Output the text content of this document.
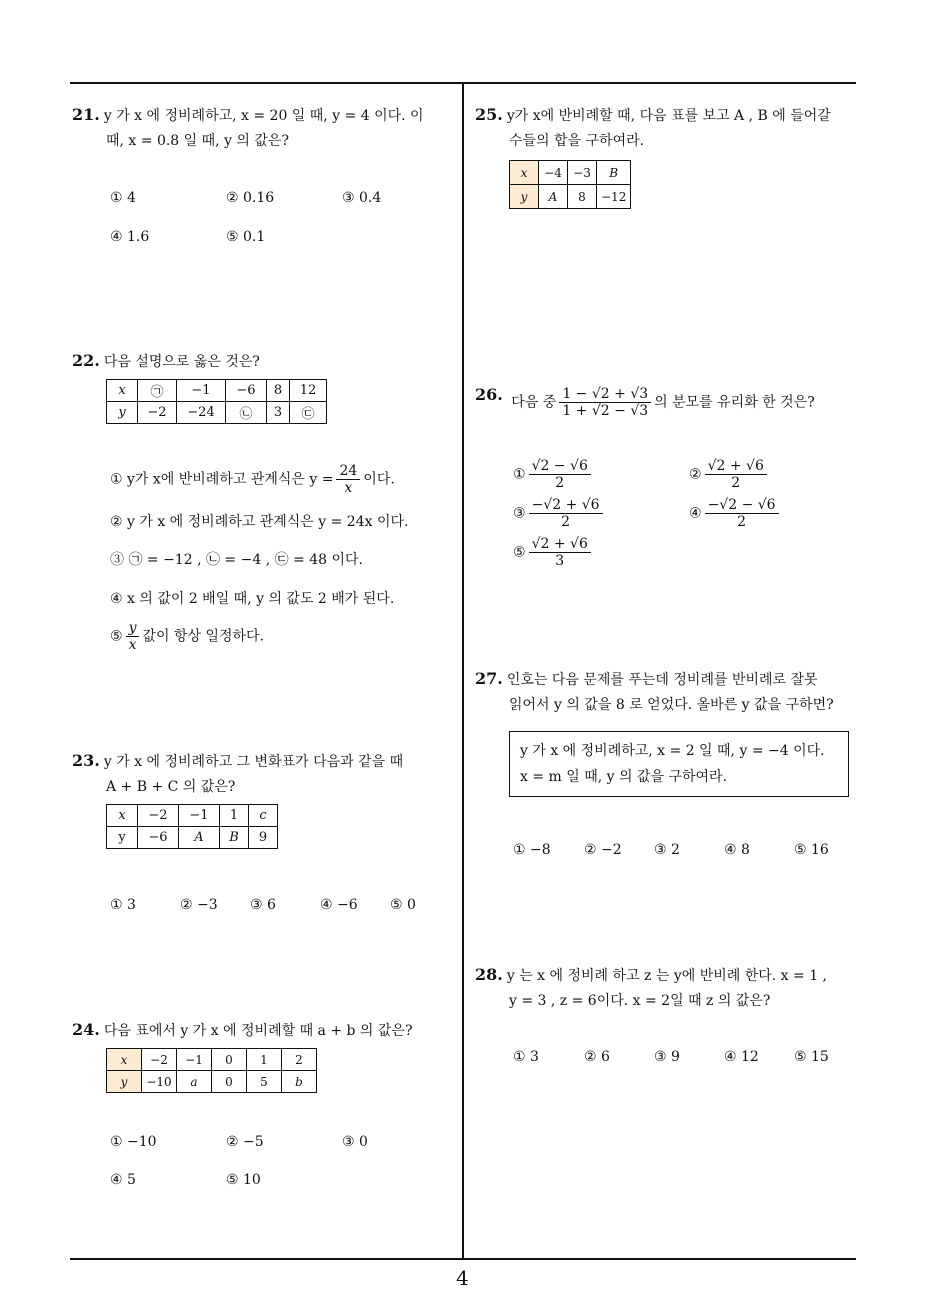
21. y 가 x 에 정비례하고, x = 20 일 때, y = 4 이다. 이
때, x = 0.8 일 때, y 의 값은?
① 4	② 0.16	③ 0.4
④ 1.6	⑤ 0.1
22. 다음 설명으로 옳은 것은?
x	㉠	−1	−6	8	12
y	−2	−24	㉡	3	㉢
① y가 x에 반비례하고 관계식은 $y = \frac{24}{x}$ 이다.
② y 가 x 에 정비례하고 관계식은 y = 24x 이다.
③ ㉠ = −12 , ㉡ = −4 , ㉢ = 48 이다.
④ x 의 값이 2 배일 때, y 의 값도 2 배가 된다.
⑤ $\frac{y}{x}$ 값이 항상 일정하다.
23. y 가 x 에 정비례하고 그 변화표가 다음과 같을 때
A + B + C 의 값은?
x	−2	−1	1	c
y	−6	A	B	9
① 3	② −3 ③ 6	④ −6 ⑤ 0
24. 다음 표에서 y 가 x 에 정비례할 때 a + b 의 값은?
x	−2	−1	0	1	2
y	−10	a	0	5	b
① −10	② −5	③ 0
④ 5	⑤ 10
25. y가 x에 반비례할 때, 다음 표를 보고 A , B 에 들어갈
수들의 합을 구하여라.
x	−4	−3	B
y	A	8	−12
26. 다음 중 $\frac{1 - √2 + √3}{1 + √2 - √3}$ 의 분모를 유리화 한 것은?
① $\frac{√2 - √6}{2}$	② $\frac{√2 + √6}{2}$
③ $\frac{-√2 + √6}{2}$	④ $\frac{-√2 - √6}{2}$
⑤ $\frac{√2 + √6}{3}$
27. 인호는 다음 문제를 푸는데 정비례를 반비례로 잘못
읽어서 y 의 값을 8 로 얻었다. 올바른 y 값을 구하면?
y 가 x 에 정비례하고, x = 2 일 때, y = −4 이다.
x = m 일 때, y 의 값을 구하여라.
① −8 ② −2 ③ 2	④ 8	⑤ 16
28. y 는 x 에 정비례 하고 z 는 y에 반비례 한다. x = 1 ,
y = 3 , z = 6이다. x = 2일 때 z 의 값은?
① 3	② 6	③ 9	④ 12	⑤ 15
4
